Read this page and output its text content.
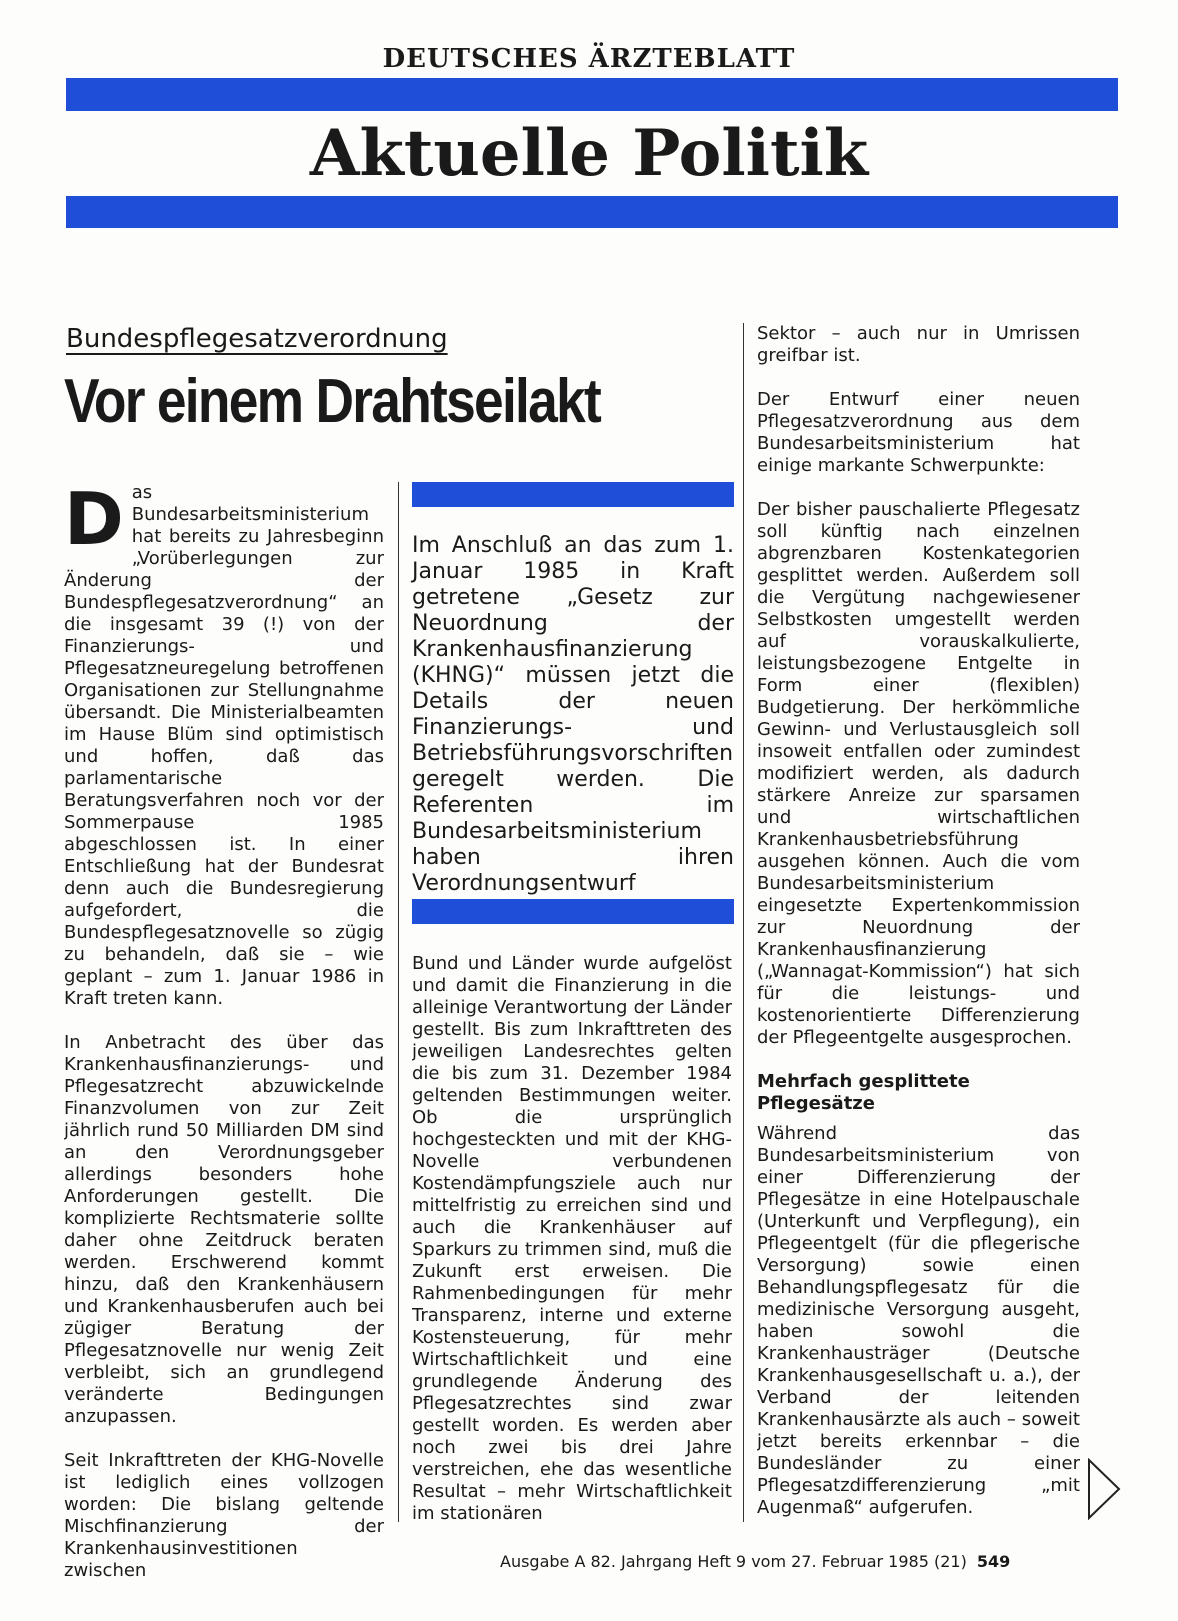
DEUTSCHES ÄRZTEBLATT
Aktuelle Politik
Bundespflegesatzverordnung
Vor einem Drahtseilakt

Das Bundesarbeitsministerium hat bereits zu Jahresbeginn „Vorüberlegungen zur Änderung der Bundespflegesatzverordnung“ an die insgesamt 39 (!) von der Finanzierungs- und Pflegesatzneuregelung betroffenen Organisationen zur Stellungnahme übersandt. Die Ministerialbeamten im Hause Blüm sind optimistisch und hoffen, daß das parlamentarische Beratungsverfahren noch vor der Sommerpause 1985 abgeschlossen ist. In einer Entschließung hat der Bundesrat denn auch die Bundesregierung aufgefordert, die Bundespflegesatznovelle so zügig zu behandeln, daß sie – wie geplant – zum 1. Januar 1986 in Kraft treten kann.

In Anbetracht des über das Krankenhausfinanzierungs- und Pflegesatzrecht abzuwickelnde Finanzvolumen von zur Zeit jährlich rund 50 Milliarden DM sind an den Verordnungsgeber allerdings besonders hohe Anforderungen gestellt. Die komplizierte Rechtsmaterie sollte daher ohne Zeitdruck beraten werden. Erschwerend kommt hinzu, daß den Krankenhäusern und Krankenhausberufen auch bei zügiger Beratung der Pflegesatznovelle nur wenig Zeit verbleibt, sich an grundlegend veränderte Bedingungen anzupassen.

Seit Inkrafttreten der KHG-Novelle ist lediglich eines vollzogen worden: Die bislang geltende Mischfinanzierung der Krankenhausinvestitionen zwischen

Im Anschluß an das zum 1. Januar 1985 in Kraft getretene „Gesetz zur Neuordnung der Krankenhausfinanzierung (KHNG)“ müssen jetzt die Details der neuen Finanzierungs- und Betriebsführungsvorschriften geregelt werden. Die Referenten im Bundesarbeitsministerium haben ihren Verordnungsentwurf

Bund und Länder wurde aufgelöst und damit die Finanzierung in die alleinige Verantwortung der Länder gestellt. Bis zum Inkrafttreten des jeweiligen Landesrechtes gelten die bis zum 31. Dezember 1984 geltenden Bestimmungen weiter. Ob die ursprünglich hochgesteckten und mit der KHG-Novelle verbundenen Kostendämpfungsziele auch nur mittelfristig zu erreichen sind und auch die Krankenhäuser auf Sparkurs zu trimmen sind, muß die Zukunft erst erweisen. Die Rahmenbedingungen für mehr Transparenz, interne und externe Kostensteuerung, für mehr Wirtschaftlichkeit und eine grundlegende Änderung des Pflegesatzrechtes sind zwar gestellt worden. Es werden aber noch zwei bis drei Jahre verstreichen, ehe das wesentliche Resultat – mehr Wirtschaftlichkeit im stationären

Sektor – auch nur in Umrissen greifbar ist.

Der Entwurf einer neuen Pflegesatzverordnung aus dem Bundesarbeitsministerium hat einige markante Schwerpunkte:

Der bisher pauschalierte Pflegesatz soll künftig nach einzelnen abgrenzbaren Kostenkategorien gesplittet werden. Außerdem soll die Vergütung nachgewiesener Selbstkosten umgestellt werden auf vorauskalkulierte, leistungsbezogene Entgelte in Form einer (flexiblen) Budgetierung. Der herkömmliche Gewinn- und Verlustausgleich soll insoweit entfallen oder zumindest modifiziert werden, als dadurch stärkere Anreize zur sparsamen und wirtschaftlichen Krankenhausbetriebsführung ausgehen können. Auch die vom Bundesarbeitsministerium eingesetzte Expertenkommission zur Neuordnung der Krankenhausfinanzierung („Wannagat-Kommission“) hat sich für die leistungs- und kostenorientierte Differenzierung der Pflegeentgelte ausgesprochen.

Mehrfach gesplittete Pflegesätze

Während das Bundesarbeitsministerium von einer Differenzierung der Pflegesätze in eine Hotelpauschale (Unterkunft und Verpflegung), ein Pflegeentgelt (für die pflegerische Versorgung) sowie einen Behandlungspflegesatz für die medizinische Versorgung ausgeht, haben sowohl die Krankenhausträger (Deutsche Krankenhausgesellschaft u. a.), der Verband der leitenden Krankenhausärzte als auch – soweit jetzt bereits erkennbar – die Bundesländer zu einer Pflegesatzdifferenzierung „mit Augenmaß“ aufgerufen.

Ausgabe A 82. Jahrgang Heft 9 vom 27. Februar 1985 (21) 549
